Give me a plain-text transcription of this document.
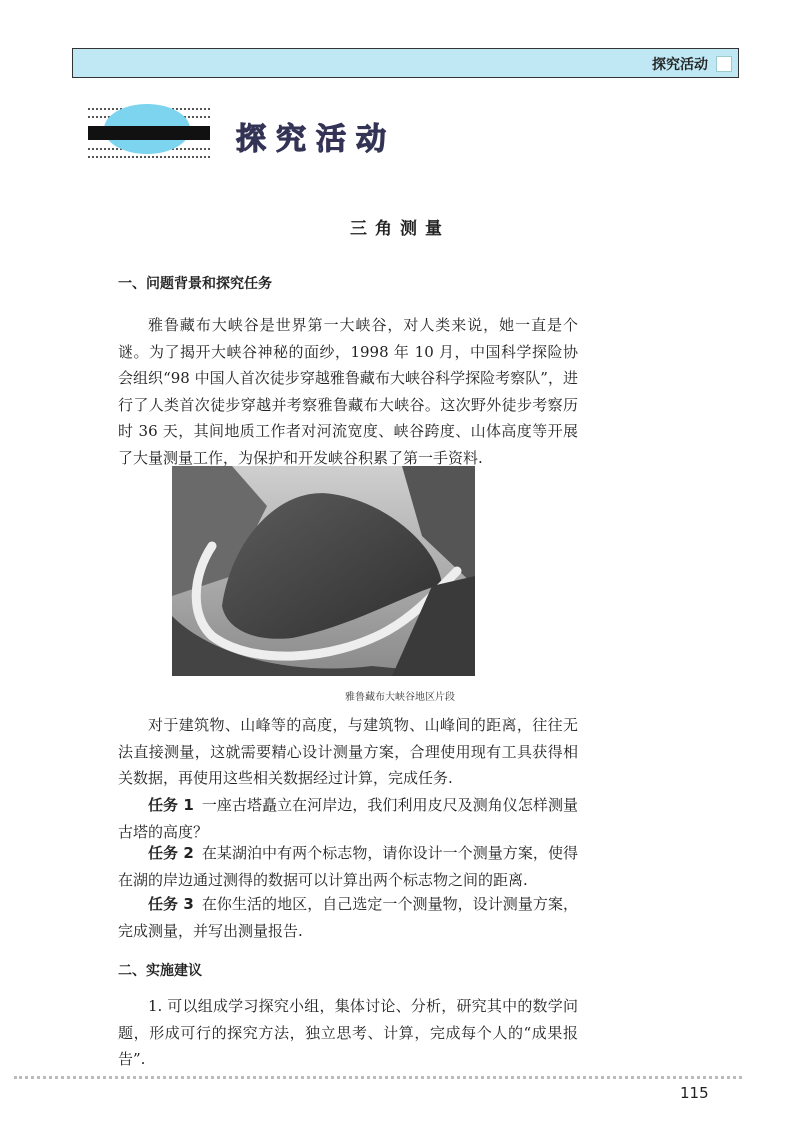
探究活动
探究活动
三角测量
一、问题背景和探究任务

雅鲁藏布大峡谷是世界第一大峡谷，对人类来说，她一直是个谜。为了揭开大峡谷神秘的面纱，1998 年 10 月，中国科学探险协会组织“98 中国人首次徒步穿越雅鲁藏布大峡谷科学探险考察队”，进行了人类首次徒步穿越并考察雅鲁藏布大峡谷。这次野外徒步考察历时 36 天，其间地质工作者对河流宽度、峡谷跨度、山体高度等开展了大量测量工作，为保护和开发峡谷积累了第一手资料.

雅鲁藏布大峡谷地区片段

对于建筑物、山峰等的高度，与建筑物、山峰间的距离，往往无法直接测量，这就需要精心设计测量方案，合理使用现有工具获得相关数据，再使用这些相关数据经过计算，完成任务.

任务 1 一座古塔矗立在河岸边，我们利用皮尺及测角仪怎样测量古塔的高度？

任务 2 在某湖泊中有两个标志物，请你设计一个测量方案，使得在湖的岸边通过测得的数据可以计算出两个标志物之间的距离.

任务 3 在你生活的地区，自己选定一个测量物，设计测量方案，完成测量，并写出测量报告.

二、实施建议

1. 可以组成学习探究小组，集体讨论、分析，研究其中的数学问题，形成可行的探究方法，独立思考、计算，完成每个人的“成果报告”.

115
